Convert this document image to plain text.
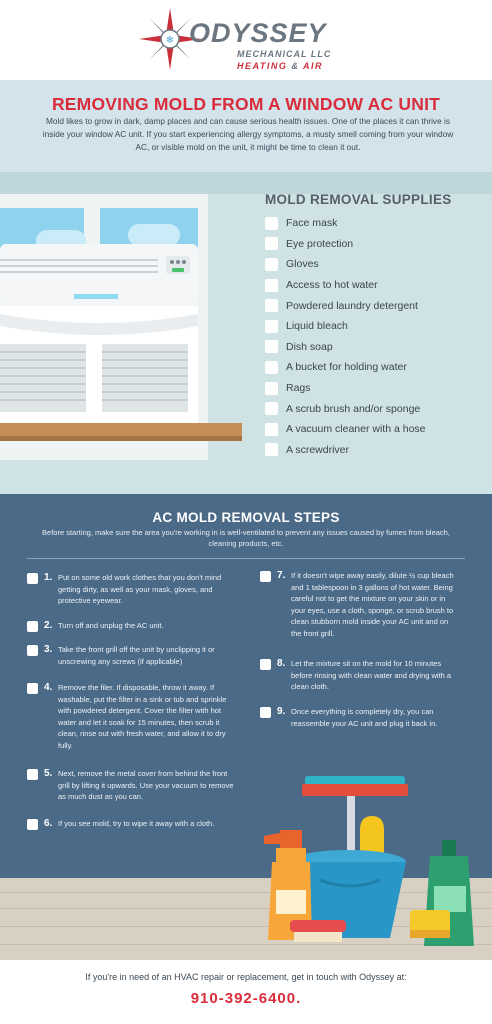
❄ ODYSSEY
MECHANICAL LLC
HEATING & AIR
REMOVING MOLD FROM A WINDOW AC UNIT

Mold likes to grow in dark, damp places and can cause serious health issues. One of the places it can thrive is inside your window AC unit. If you start experiencing allergy symptoms, a musty smell coming from your window AC, or visible mold on the unit, it might be time to clean it out.

MOLD REMOVAL SUPPLIES
Face mask
Eye protection
Gloves
Access to hot water
Powdered laundry detergent
Liquid bleach
Dish soap
A bucket for holding water
Rags
A scrub brush and/or sponge
A vacuum cleaner with a hose
A screwdriver
AC MOLD REMOVAL STEPS

Before starting, make sure the area you're working in is well-ventilated to prevent any issues caused by fumes from bleach, cleaning products, etc.

1. Put on some old work clothes that you don't mind getting dirty, as well as your mask, gloves, and protective eyewear.
2. Turn off and unplug the AC unit.
3. Take the front grill off the unit by unclipping it or unscrewing any screws (if applicable)
4. Remove the filer. If disposable, throw it away. If washable, put the filter in a sink or tub and sprinkle with powdered detergent. Cover the filter with hot water and let it soak for 15 minutes, then scrub it clean, rinse out with fresh water, and allow it to dry fully.
5. Next, remove the metal cover from behind the front grill by lifting it upwards. Use your vacuum to remove as much dust as you can.
6. If you see mold, try to wipe it away with a cloth.
7. If it doesn't wipe away easily, dilute ½ cup bleach and 1 tablespoon in 3 gallons of hot water. Being careful not to get the mixture on your skin or in your eyes, use a cloth, sponge, or scrub brush to clean stubborn mold inside your AC unit and on the front grill.
8. Let the mixture sit on the mold for 10 minutes before rinsing with clean water and drying with a clean cloth.
9. Once everything is completely dry, you can reassemble your AC unit and plug it back in.

If you're in need of an HVAC repair or replacement, get in touch with Odyssey at:

910-392-6400.
